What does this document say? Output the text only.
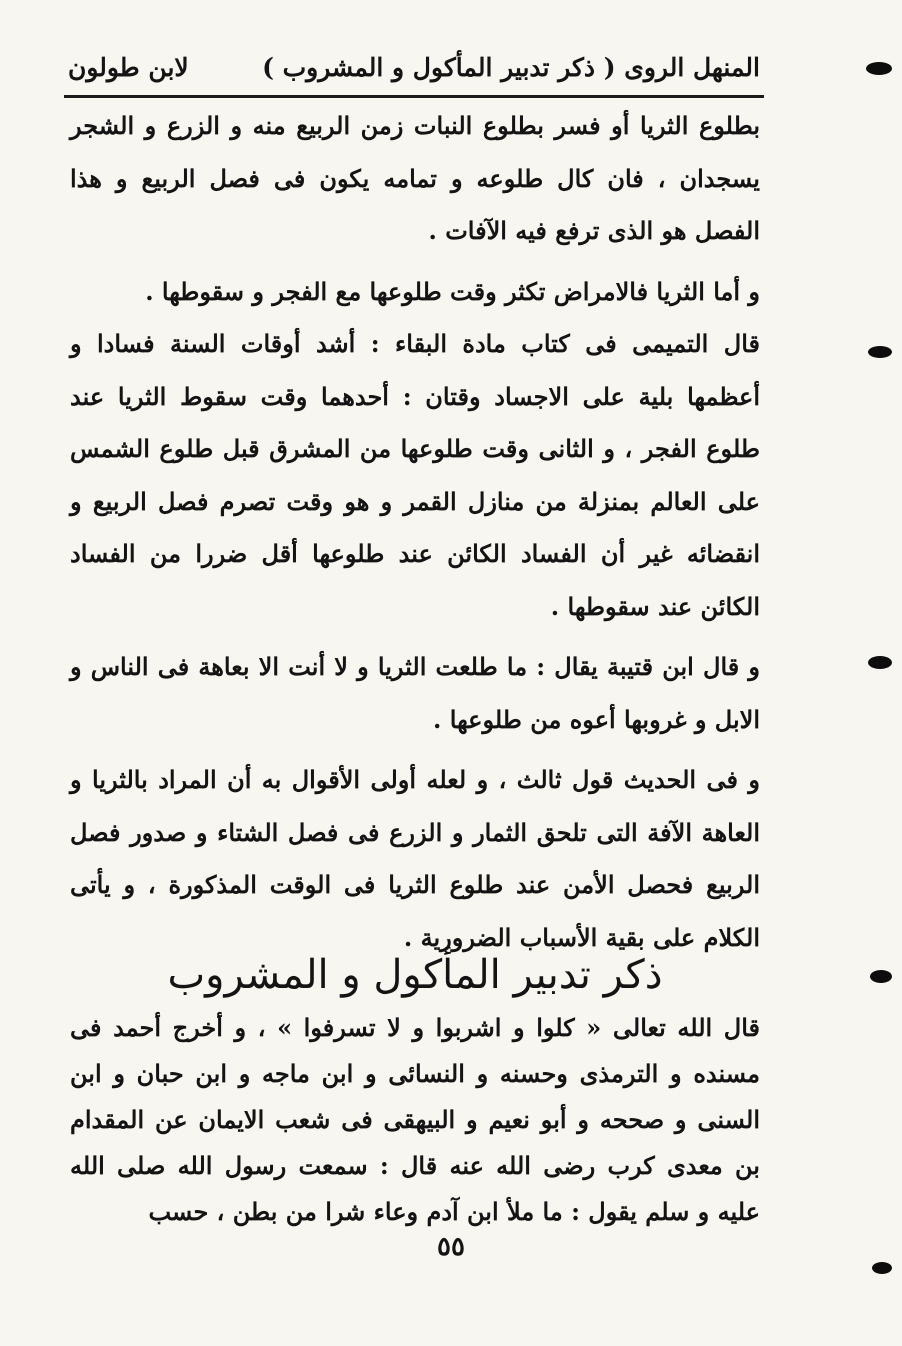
المنهل الروى ( ذكر تدبير المأكول و المشروب )
لابن طولون

بطلوع الثريا أو فسر بطلوع النبات زمن الربيع منه و الزرع و الشجر يسجدان ، فان كال طلوعه و تمامه يكون فى فصل الربيع و هذا الفصل هو الذى ترفع فيه الآفات .

و أما الثريا فالامراض تكثر وقت طلوعها مع الفجر و سقوطها .

قال التميمى فى كتاب مادة البقاء : أشد أوقات السنة فسادا و أعظمها بلية على الاجساد وقتان : أحدهما وقت سقوط الثريا عند طلوع الفجر ، و الثانى وقت طلوعها من المشرق قبل طلوع الشمس على العالم بمنزلة من منازل القمر و هو وقت تصرم فصل الربيع و انقضائه غير أن الفساد الكائن عند طلوعها أقل ضررا من الفساد الكائن عند سقوطها .

و قال ابن قتيبة يقال : ما طلعت الثريا و لا أنت الا بعاهة فى الناس و الابل و غروبها أعوه من طلوعها .

و فى الحديث قول ثالث ، و لعله أولى الأقوال به أن المراد بالثريا و العاهة الآفة التى تلحق الثمار و الزرع فى فصل الشتاء و صدور فصل الربيع فحصل الأمن عند طلوع الثريا فى الوقت المذكورة ، و يأتى الكلام على بقية الأسباب الضرورية .

ذكر تدبير المأكول و المشروب

قال الله تعالى « كلوا و اشربوا و لا تسرفوا » ، و أخرج أحمد فى مسنده و الترمذى وحسنه و النسائى و ابن ماجه و ابن حبان و ابن السنى و صححه و أبو نعيم و البيهقى فى شعب الايمان عن المقدام بن معدى كرب رضى الله عنه قال : سمعت رسول الله صلى الله عليه و سلم يقول : ما ملأ ابن آدم وعاء شرا من بطن ، حسب

٥٥
